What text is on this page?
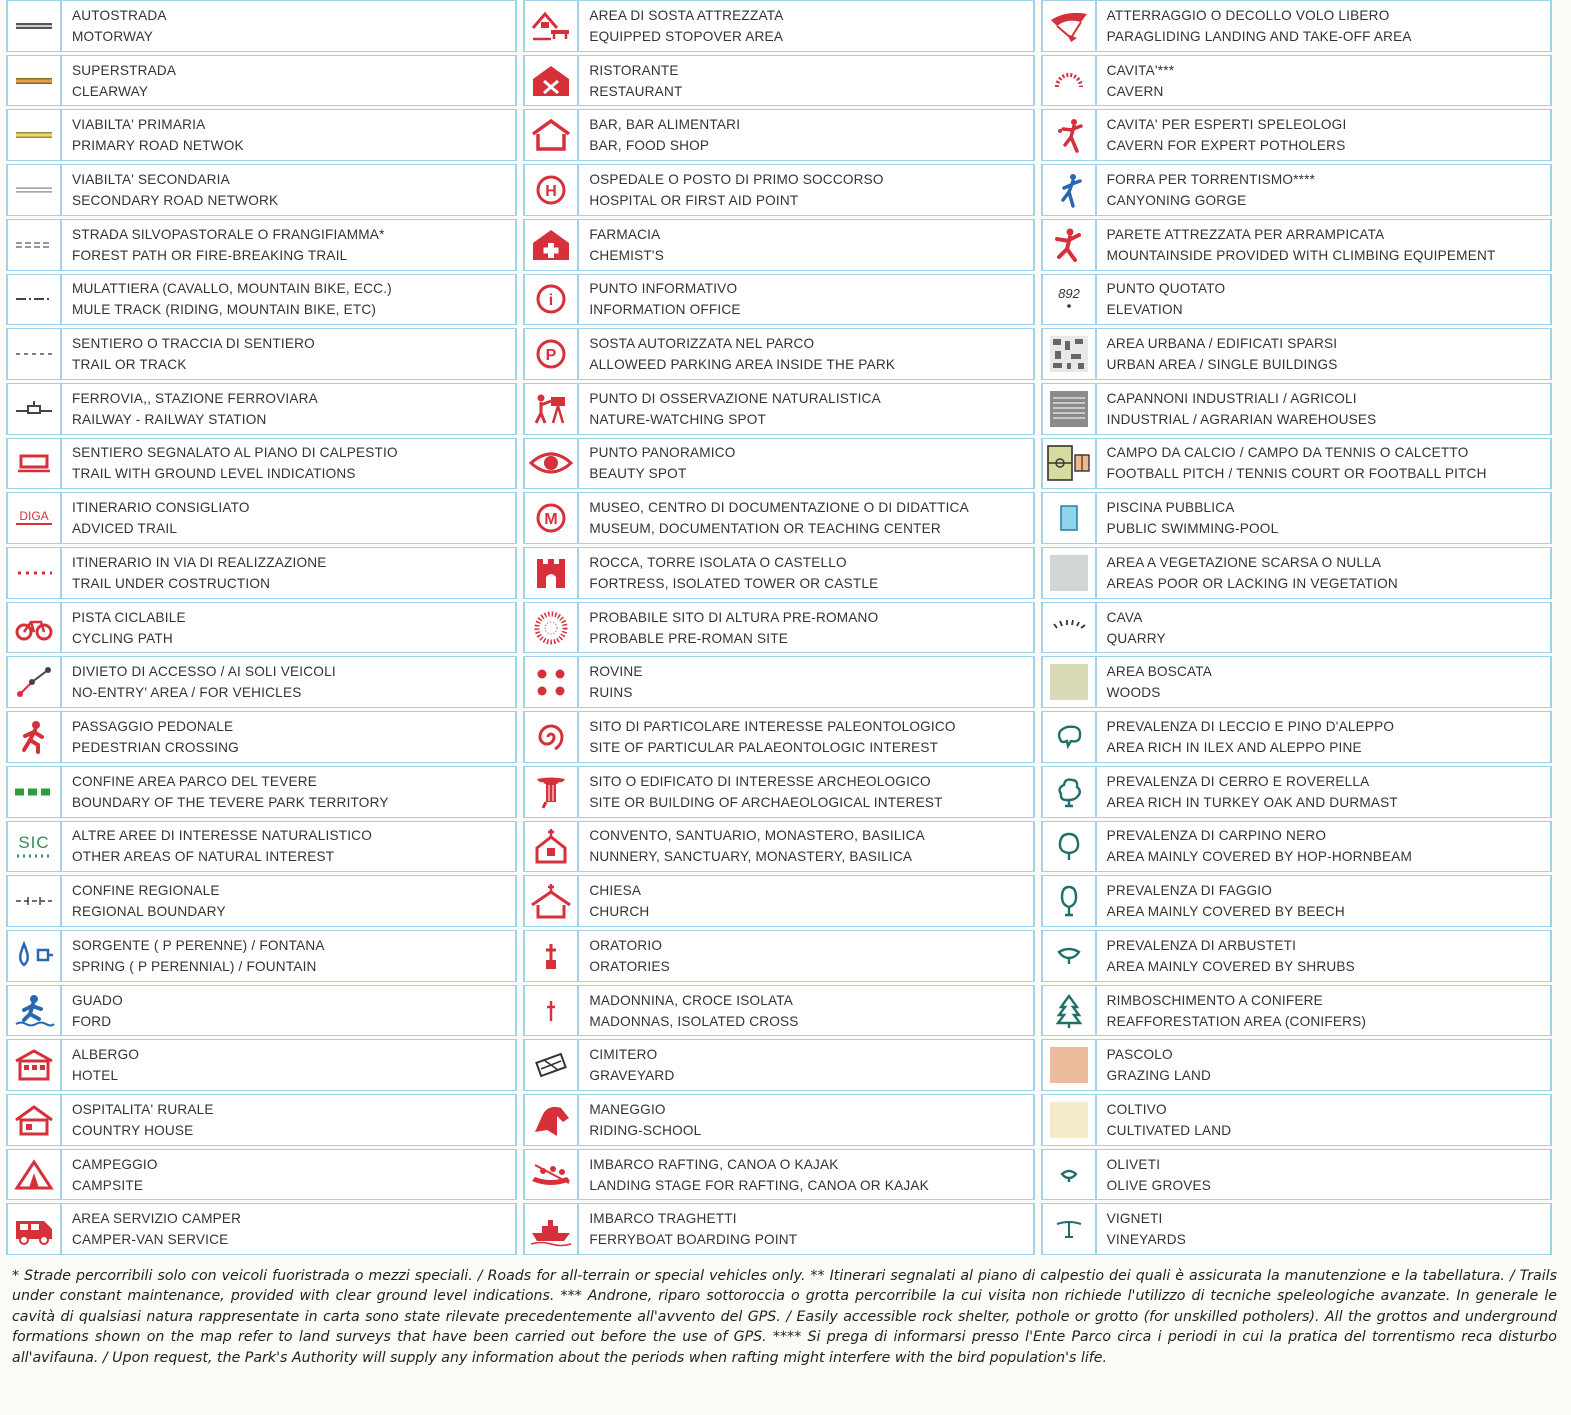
AUTOSTRADA
MOTORWAY
SUPERSTRADA
CLEARWAY
VIABILTA' PRIMARIA
PRIMARY ROAD NETWOK
VIABILTA' SECONDARIA
SECONDARY ROAD NETWORK
STRADA SILVOPASTORALE O FRANGIFIAMMA*
FOREST PATH OR FIRE-BREAKING TRAIL
MULATTIERA (CAVALLO, MOUNTAIN BIKE, ECC.)
MULE TRACK (RIDING, MOUNTAIN BIKE, ETC)
SENTIERO O TRACCIA DI SENTIERO
TRAIL OR TRACK
FERROVIA,, STAZIONE FERROVIARA
RAILWAY - RAILWAY STATION
SENTIERO SEGNALATO AL PIANO DI CALPESTIO
TRAIL WITH GROUND LEVEL INDICATIONS
DIGA
ITINERARIO CONSIGLIATO
ADVICED TRAIL
ITINERARIO IN VIA DI REALIZZAZIONE
TRAIL UNDER COSTRUCTION
PISTA CICLABILE
CYCLING PATH
DIVIETO DI ACCESSO / AI SOLI VEICOLI
NO-ENTRY' AREA / FOR VEHICLES
PASSAGGIO PEDONALE
PEDESTRIAN CROSSING
CONFINE AREA PARCO DEL TEVERE
BOUNDARY OF THE TEVERE PARK TERRITORY
SIC ALTRE AREE DI INTERESSE NATURALISTICO
OTHER AREAS OF NATURAL INTEREST
CONFINE REGIONALE
REGIONAL BOUNDARY
SORGENTE ( P PERENNE) / FONTANA
SPRING ( P PERENNIAL) / FOUNTAIN
GUADO
FORD
ALBERGO
HOTEL
OSPITALITA' RURALE
COUNTRY HOUSE
CAMPEGGIO
CAMPSITE
AREA SERVIZIO CAMPER
CAMPER-VAN SERVICE
AREA DI SOSTA ATTREZZATA
EQUIPPED STOPOVER AREA
RISTORANTE
RESTAURANT
BAR, BAR ALIMENTARI
BAR, FOOD SHOP
H
OSPEDALE O POSTO DI PRIMO SOCCORSO
HOSPITAL OR FIRST AID POINT
FARMACIA
CHEMIST'S
i
PUNTO INFORMATIVO
INFORMATION OFFICE
P
SOSTA AUTORIZZATA NEL PARCO
ALLOWEED PARKING AREA INSIDE THE PARK
PUNTO DI OSSERVAZIONE NATURALISTICA
NATURE-WATCHING SPOT
PUNTO PANORAMICO
BEAUTY SPOT
M
MUSEO, CENTRO DI DOCUMENTAZIONE O DI DIDATTICA
MUSEUM, DOCUMENTATION OR TEACHING CENTER
ROCCA, TORRE ISOLATA O CASTELLO
FORTRESS, ISOLATED TOWER OR CASTLE
PROBABILE SITO DI ALTURA PRE-ROMANO
PROBABLE PRE-ROMAN SITE
ROVINE
RUINS
SITO DI PARTICOLARE INTERESSE PALEONTOLOGICO
SITE OF PARTICULAR PALAEONTOLOGIC INTEREST
SITO O EDIFICATO DI INTERESSE ARCHEOLOGICO
SITE OR BUILDING OF ARCHAEOLOGICAL INTEREST
CONVENTO, SANTUARIO, MONASTERO, BASILICA
NUNNERY, SANCTUARY, MONASTERY, BASILICA
CHIESA
CHURCH
ORATORIO
ORATORIES
MADONNINA, CROCE ISOLATA
MADONNAS, ISOLATED CROSS
CIMITERO
GRAVEYARD
MANEGGIO
RIDING-SCHOOL
IMBARCO RAFTING, CANOA O KAJAK
LANDING STAGE FOR RAFTING, CANOA OR KAJAK
IMBARCO TRAGHETTI
FERRYBOAT BOARDING POINT
ATTERRAGGIO O DECOLLO VOLO LIBERO
PARAGLIDING LANDING AND TAKE-OFF AREA
CAVITA'***
CAVERN
CAVITA' PER ESPERTI SPELEOLOGI
CAVERN FOR EXPERT POTHOLERS
FORRA PER TORRENTISMO****
CANYONING GORGE
PARETE ATTREZZATA PER ARRAMPICATA
MOUNTAINSIDE PROVIDED WITH CLIMBING EQUIPEMENT
892 PUNTO QUOTATO
ELEVATION
AREA URBANA / EDIFICATI SPARSI
URBAN AREA / SINGLE BUILDINGS
CAPANNONI INDUSTRIALI / AGRICOLI
INDUSTRIAL / AGRARIAN WAREHOUSES
CAMPO DA CALCIO / CAMPO DA TENNIS O CALCETTO
FOOTBALL PITCH / TENNIS COURT OR FOOTBALL PITCH
PISCINA PUBBLICA
PUBLIC SWIMMING-POOL
AREA A VEGETAZIONE SCARSA O NULLA
AREAS POOR OR LACKING IN VEGETATION
CAVA
QUARRY
AREA BOSCATA
WOODS
PREVALENZA DI LECCIO E PINO D'ALEPPO
AREA RICH IN ILEX AND ALEPPO PINE
PREVALENZA DI CERRO E ROVERELLA
AREA RICH IN TURKEY OAK AND DURMAST
PREVALENZA DI CARPINO NERO
AREA MAINLY COVERED BY HOP-HORNBEAM
PREVALENZA DI FAGGIO
AREA MAINLY COVERED BY BEECH
PREVALENZA DI ARBUSTETI
AREA MAINLY COVERED BY SHRUBS
RIMBOSCHIMENTO A CONIFERE
REAFFORESTATION AREA (CONIFERS)
PASCOLO
GRAZING LAND
COLTIVO
CULTIVATED LAND
OLIVETI
OLIVE GROVES
VIGNETI
VINEYARDS

* Strade percorribili solo con veicoli fuoristrada o mezzi speciali. / Roads for all-terrain or special vehicles only. ** Itinerari segnalati al piano di calpestio dei quali è assicurata la manutenzione e la tabellatura. / Trails under constant maintenance, provided with clear ground level indications. *** Androne, riparo sottoroccia o grotta percorribile la cui visita non richiede l'utilizzo di tecniche speleologiche avanzate. In generale le cavità di qualsiasi natura rappresentate in carta sono state rilevate precedentemente all'avvento del GPS. / Easily accessible rock shelter, pothole or grotto (for unskilled potholers). All the grottos and underground formations shown on the map refer to land surveys that have been carried out before the use of GPS. **** Si prega di informarsi presso l'Ente Parco circa i periodi in cui la pratica del torrentismo reca disturbo all'avifauna. / Upon request, the Park's Authority will supply any information about the periods when rafting might interfere with the bird population's life.
